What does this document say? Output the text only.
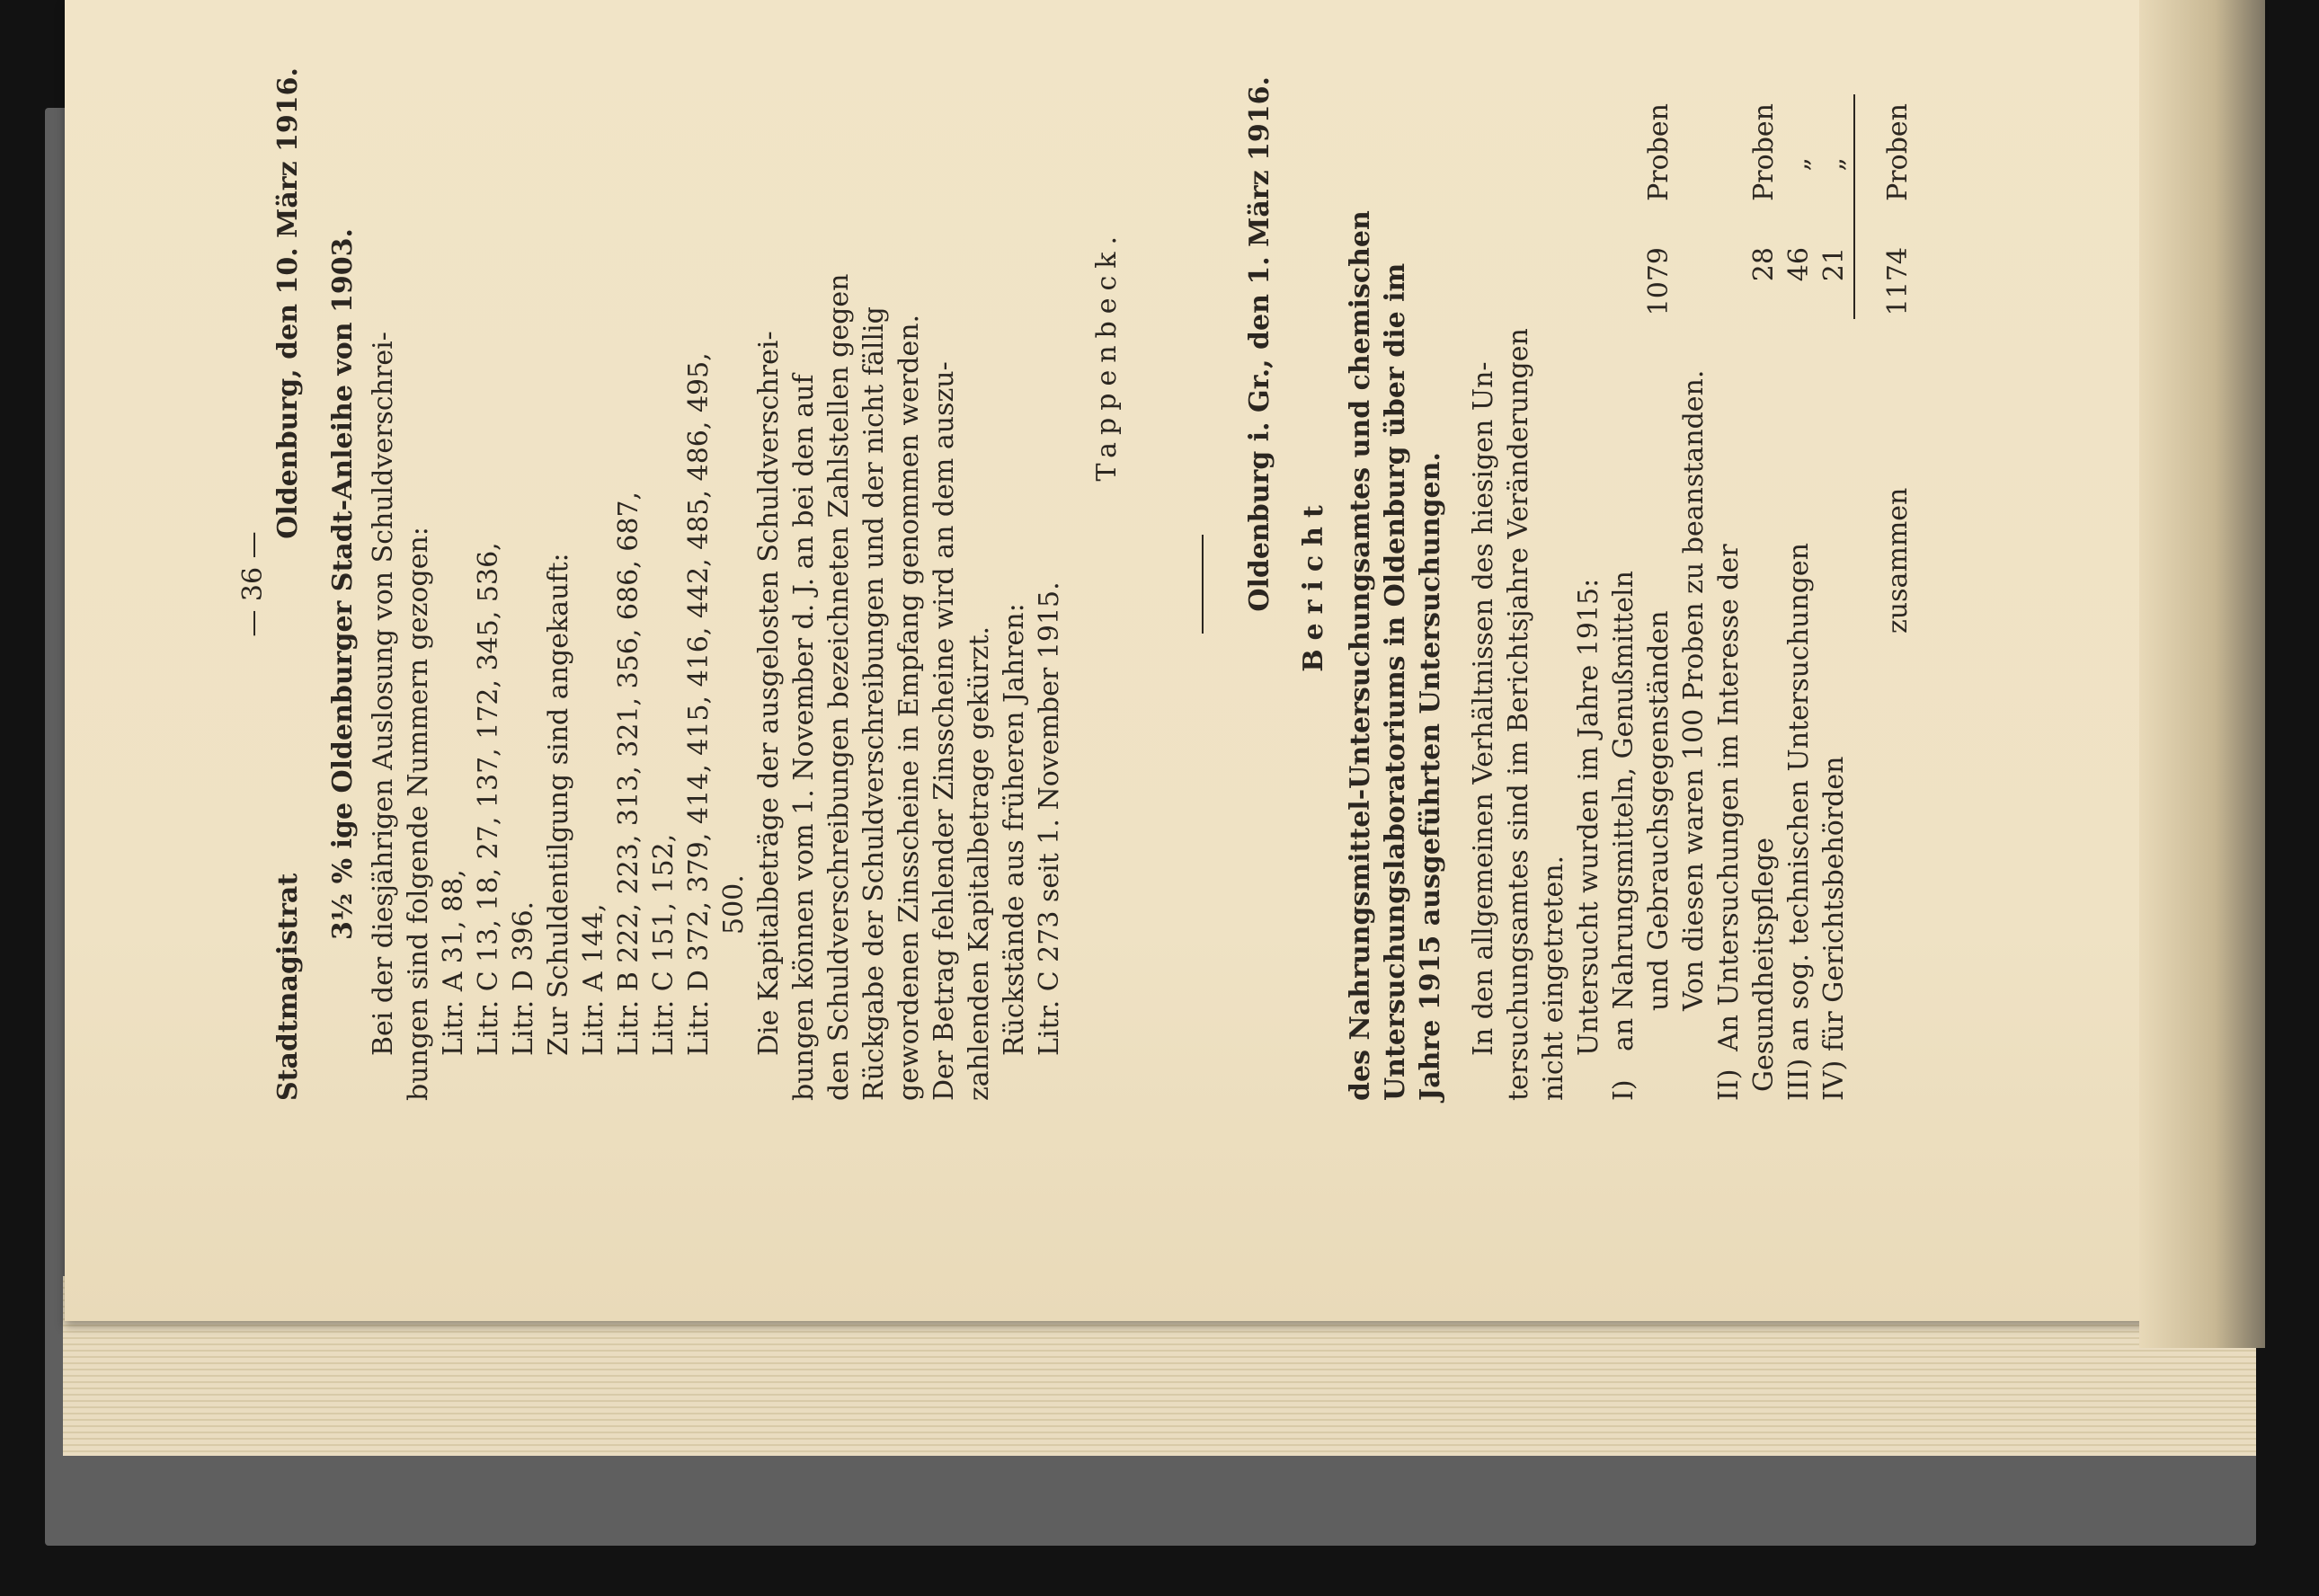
— 36 —
Stadtmagistrat
Oldenburg, den 10. März 1916. 3½ % ige Oldenburger Stadt-Anleihe von 1903. Bei der diesjährigen Auslosung von Schuldverschrei- bungen sind folgende Nummern gezogen: Litr. A 31, 88, Litr. C 13, 18, 27, 137, 172, 345, 536, Litr. D 396. Zur Schuldentilgung sind angekauft: Litr. A 144, Litr. B 222, 223, 313, 321, 356, 686, 687, Litr. C 151, 152, Litr. D 372, 379, 414, 415, 416, 442, 485, 486, 495, 500. Die Kapitalbeträge der ausgelosten Schuldverschrei- bungen können vom 1. November d. J. an bei den auf den Schuldverschreibungen bezeichneten Zahlstellen gegen Rückgabe der Schuldverschreibungen und der nicht fällig gewordenen Zinsscheine in Empfang genommen werden. Der Betrag fehlender Zinsscheine wird an dem auszu- zahlenden Kapitalbetrage gekürzt. Rückstände aus früheren Jahren: Litr. C 273 seit 1. November 1915.
Tappenbeck.	Oldenburg i. Gr., den 1. März 1916. Bericht des Nahrungsmittel-Untersuchungsamtes und chemischen Untersuchungslaboratoriums in Oldenburg über die im Jahre 1915 ausgeführten Untersuchungen. In den allgemeinen Verhältnissen des hiesigen Un- tersuchungsamtes sind im Berichtsjahre Veränderungen nicht eingetreten. Untersucht wurden im Jahre 1915:
I)
an Nahrungsmitteln, Genußmitteln und Gebrauchsgegenständen
1079
Proben
Von diesen waren 100 Proben zu beanstanden.
II)
An Untersuchungen im Interesse der Gesundheitspflege
28
Proben
III)
an sog. technischen Untersuchungen
46
„
IV)
für Gerichtsbehörden
21
„
zusammen
1174
Proben
